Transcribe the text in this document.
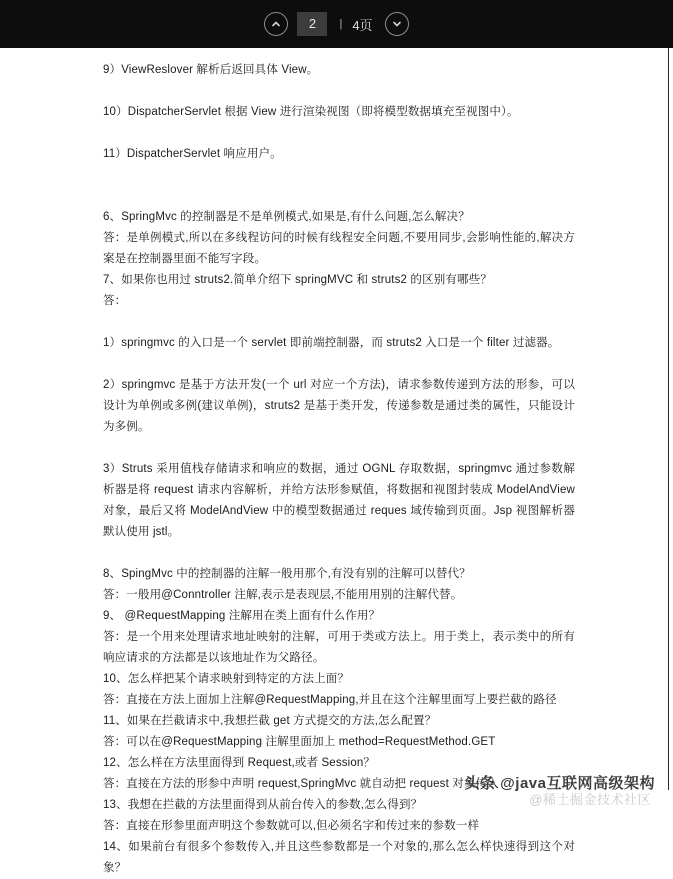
2	| 4页

9）ViewReslover 解析后返回具体 View。

10）DispatcherServlet 根据 View 进行渲染视图（即将模型数据填充至视图中）。

11）DispatcherServlet 响应用户。

6、SpringMvc 的控制器是不是单例模式,如果是,有什么问题,怎么解决？

答：是单例模式,所以在多线程访问的时候有线程安全问题,不要用同步,会影响性能的,解决方案是在控制器里面不能写字段。

7、如果你也用过 struts2.简单介绍下 springMVC 和 struts2 的区别有哪些？

答：

1）springmvc 的入口是一个 servlet 即前端控制器，而 struts2 入口是一个 filter 过滤器。

2）springmvc 是基于方法开发(一个 url 对应一个方法)，请求参数传递到方法的形参，可以设计为单例或多例(建议单例)，struts2 是基于类开发，传递参数是通过类的属性，只能设计为多例。

3）Struts 采用值栈存储请求和响应的数据，通过 OGNL 存取数据，springmvc 通过参数解析器是将 request 请求内容解析，并给方法形参赋值，将数据和视图封装成 ModelAndView 对象，最后又将 ModelAndView 中的模型数据通过 reques 域传输到页面。Jsp 视图解析器默认使用 jstl。

8、SpingMvc 中的控制器的注解一般用那个,有没有别的注解可以替代？

答：一般用@Conntroller 注解,表示是表现层,不能用用别的注解代替。

9、 @RequestMapping 注解用在类上面有什么作用？

答：是一个用来处理请求地址映射的注解，可用于类或方法上。用于类上，表示类中的所有响应请求的方法都是以该地址作为父路径。

10、怎么样把某个请求映射到特定的方法上面？

答：直接在方法上面加上注解@RequestMapping,并且在这个注解里面写上要拦截的路径

11、如果在拦截请求中,我想拦截 get 方式提交的方法,怎么配置？

答：可以在@RequestMapping 注解里面加上 method=RequestMethod.GET

12、怎么样在方法里面得到 Request,或者 Session？

答：直接在方法的形参中声明 request,SpringMvc 就自动把 request 对象传入

13、我想在拦截的方法里面得到从前台传入的参数,怎么得到？

答：直接在形参里面声明这个参数就可以,但必须名字和传过来的参数一样

14、如果前台有很多个参数传入,并且这些参数都是一个对象的,那么怎么样快速得到这个对象？

头条 @java互联网高级架构
@稀土掘金技术社区
